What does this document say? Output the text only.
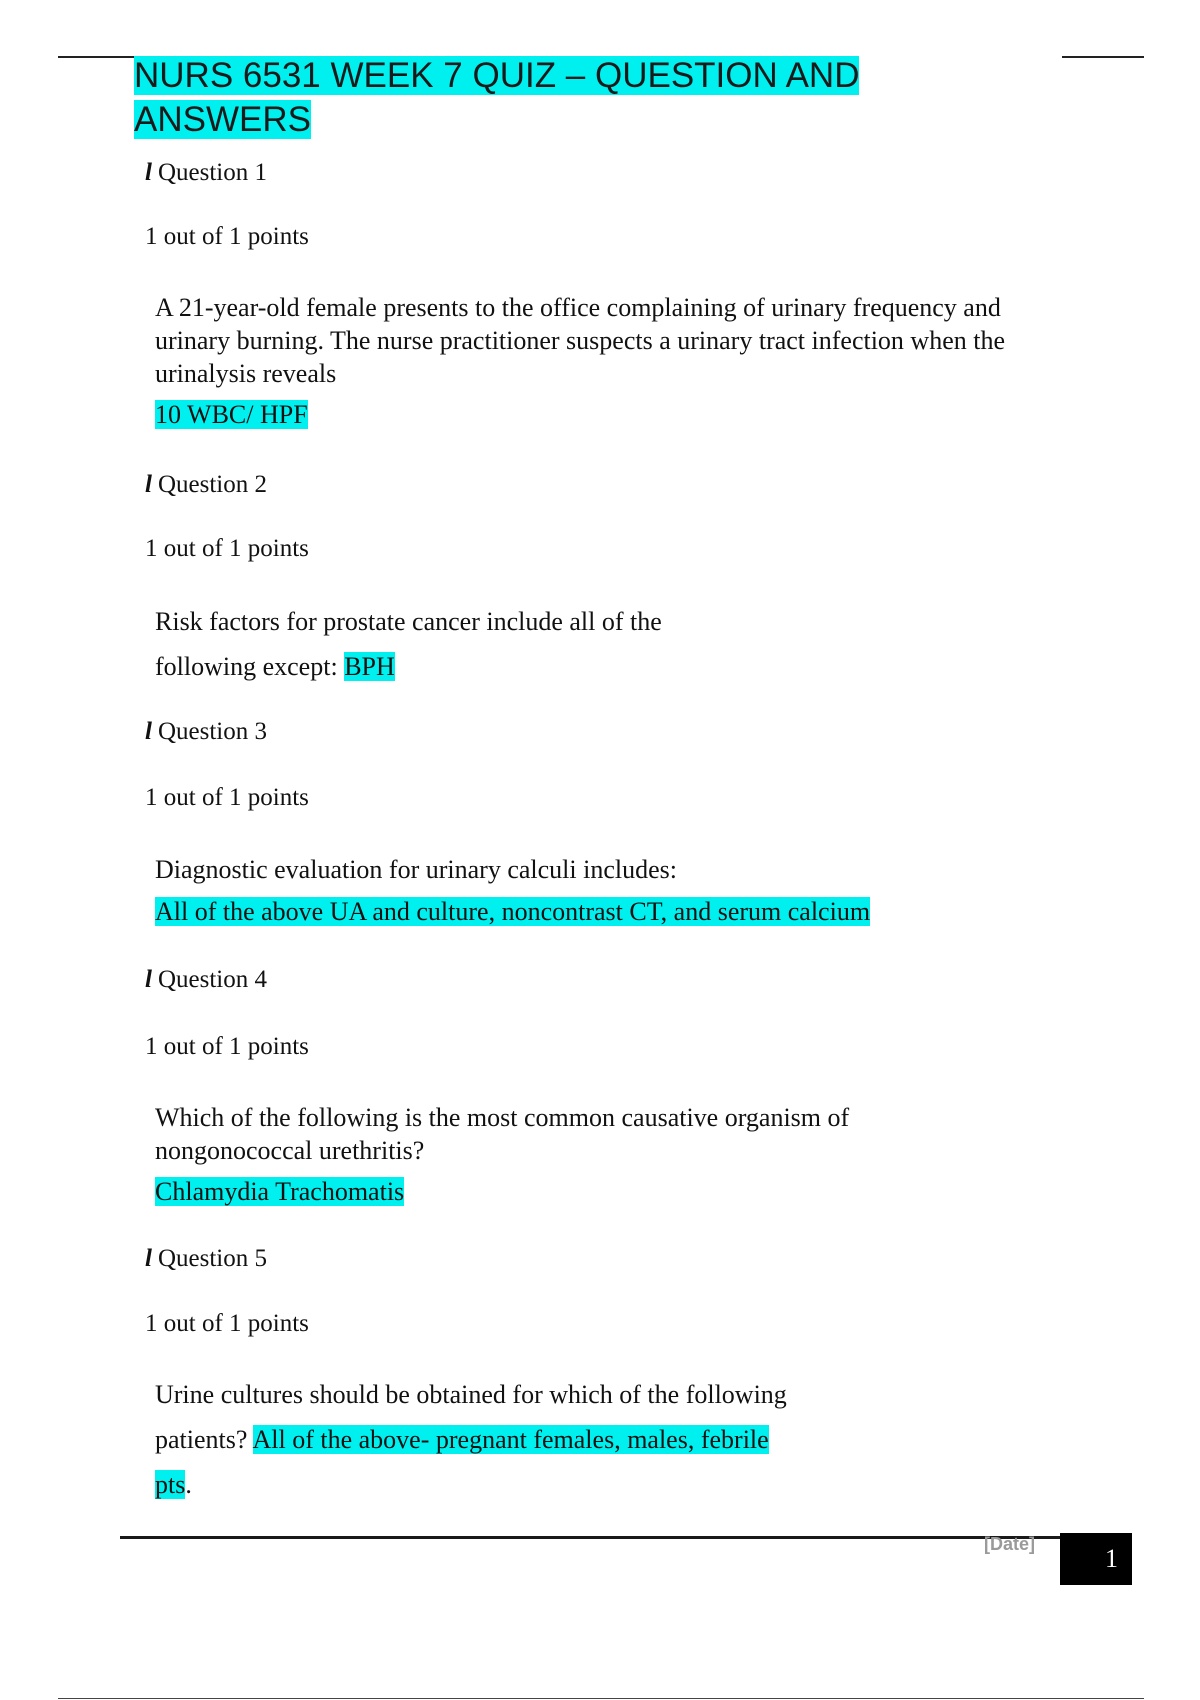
NURS 6531 WEEK 7 QUIZ – QUESTION AND ANSWERS
l Question 1
1 out of 1 points

A 21-year-old female presents to the office complaining of urinary frequency and urinary burning. The nurse practitioner suspects a urinary tract infection when the urinalysis reveals

10 WBC/ HPF
l Question 2
1 out of 1 points
Risk factors for prostate cancer include all of the
following except: BPH
l Question 3
1 out of 1 points
Diagnostic evaluation for urinary calculi includes:
All of the above UA and culture, noncontrast CT, and serum calcium
l Question 4
1 out of 1 points

Which of the following is the most common causative organism of nongonococcal urethritis?

Chlamydia Trachomatis
l Question 5
1 out of 1 points
Urine cultures should be obtained for which of the following
patients? All of the above- pregnant females, males, febrile
pts.
[Date]	1
